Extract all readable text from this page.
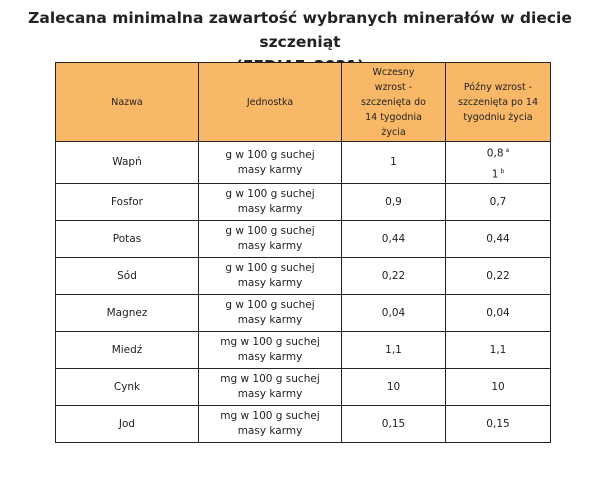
Zalecana minimalna zawartość wybranych minerałów w diecie szczeniąt
Nazwa	Jednostka	Wczesny wzrost - szczenięta do 14 tygodnia życia	Późny wzrost - szczenięta po 14 tygodniu życia

Wapń	g w 100 g suchej masy karmy	1	0,8 $^a$
1 $^b$

Fosfor	g w 100 g suchej masy karmy	0,9	0,7
Potas	g w 100 g suchej masy karmy	0,44	0,44
Sód	g w 100 g suchej masy karmy	0,22	0,22
Magnez	g w 100 g suchej masy karmy	0,04	0,04
Miedź	mg w 100 g suchej masy karmy	1,1	1,1
Cynk	mg w 100 g suchej masy karmy	10	10
Jod	mg w 100 g suchej masy karmy	0,15	0,15
